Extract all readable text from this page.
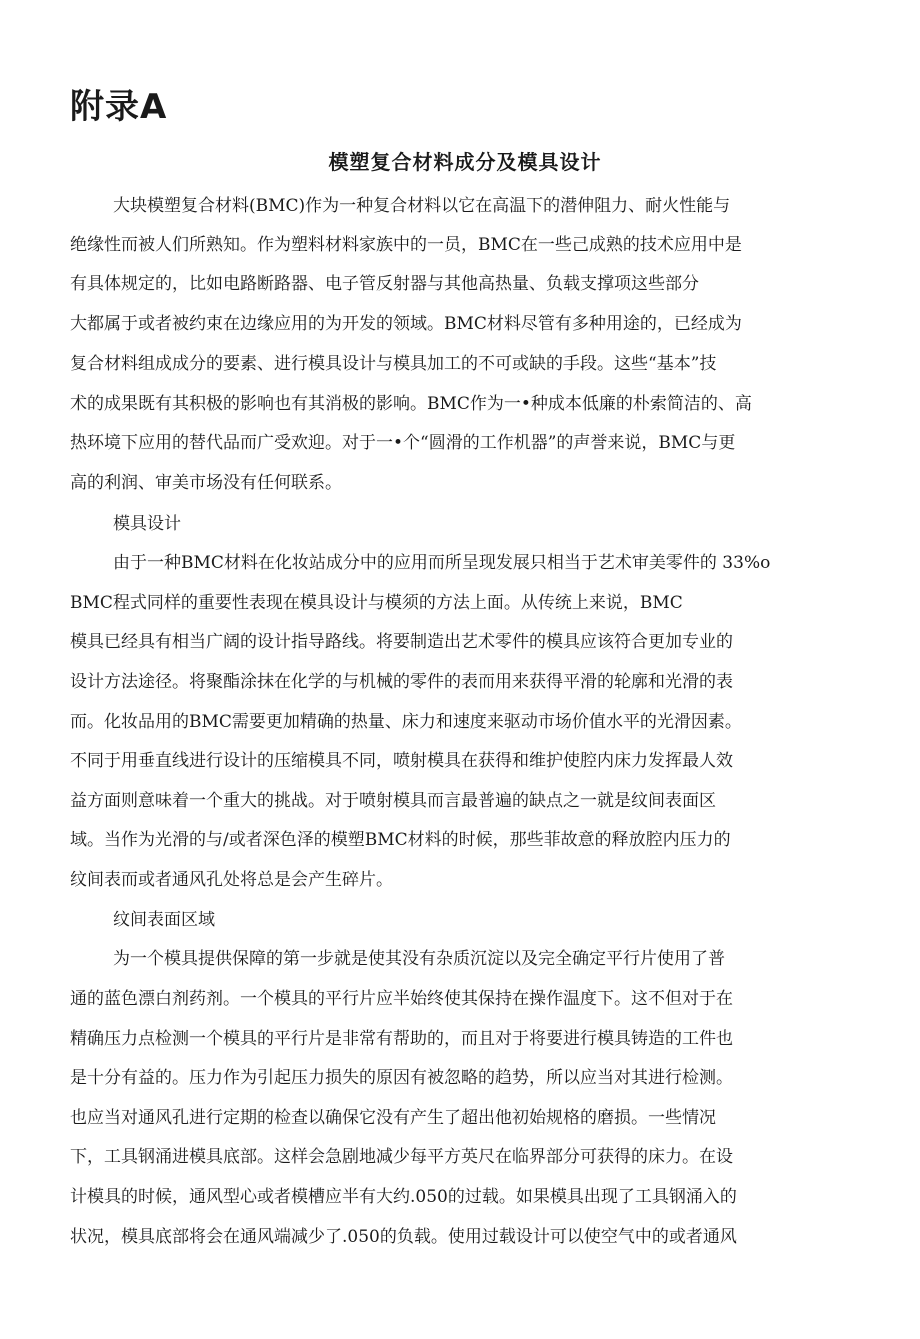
附录A
模塑复合材料成分及模具设计

大块模塑复合材料(BMC)作为一种复合材料以它在高温下的潜伸阻力、耐火性能与

绝缘性而被人们所熟知。作为塑料材料家族中的一员，BMC在一些己成熟的技术应用中是

有具体规定的，比如电路断路器、电子管反射器与其他高热量、负载支撑项这些部分

大都属于或者被约束在边缘应用的为开发的领域。BMC材料尽管有多种用途的，已经成为

复合材料组成成分的要素、进行模具设计与模具加工的不可或缺的手段。这些“基本”技

术的成果既有其积极的影响也有其消极的影响。BMC作为一•种成本低廉的朴索简洁的、高

热环境下应用的替代品而广受欢迎。对于一•个“圆滑的工作机器”的声誉来说，BMC与更

高的利润、审美市场没有任何联系。

模具设计

由于一种BMC材料在化妆站成分中的应用而所呈现发展只相当于艺术审美零件的 33%o

BMC程式同样的重要性表现在模具设计与模须的方法上面。从传统上来说，BMC

模具已经具有相当广阔的设计指导路线。将要制造出艺术零件的模具应该符合更加专业的

设计方法途径。将聚酯涂抹在化学的与机械的零件的表而用来获得平滑的轮廓和光滑的表

而。化妆品用的BMC需要更加精确的热量、床力和速度来驱动市场价值水平的光滑因素。

不同于用垂直线进行设计的压缩模具不同，喷射模具在获得和维护使腔内床力发挥最人效

益方面则意味着一个重大的挑战。对于喷射模具而言最普遍的缺点之一就是纹间表面区

域。当作为光滑的与/或者深色泽的模塑BMC材料的时候，那些菲故意的释放腔内压力的

纹间表而或者通风孔处将总是会产生碎片。

纹间表面区域

为一个模具提供保障的第一步就是使其没有杂质沉淀以及完全确定平行片使用了普

通的蓝色漂白剂药剂。一个模具的平行片应半始终使其保持在操作温度下。这不但对于在

精确压力点检测一个模具的平行片是非常有帮助的，而且对于将要进行模具铸造的工件也

是十分有益的。压力作为引起压力损失的原因有被忽略的趋势，所以应当对其进行检测。

也应当对通风孔进行定期的检查以确保它没有产生了超出他初始规格的磨损。一些情况

下，工具钢涌进模具底部。这样会急剧地减少每平方英尺在临界部分可获得的床力。在设

计模具的时候，通风型心或者模槽应半有大约.050的过载。如果模具出现了工具钢涌入的

状况，模具底部将会在通风端减少了.050的负载。使用过载设计可以使空气中的或者通风
